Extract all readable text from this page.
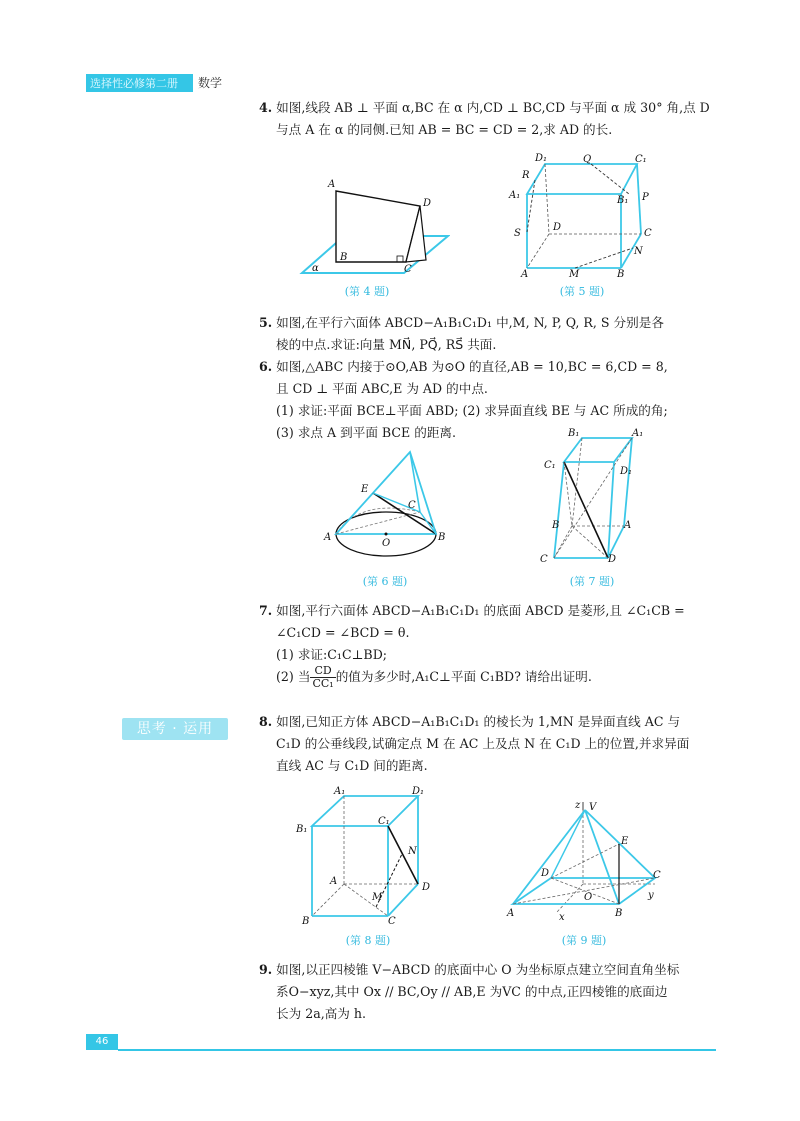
选择性必修第二册 数学
4. 如图,线段 AB ⊥ 平面 α,BC 在 α 内,CD ⊥ BC,CD 与平面 α 成 30° 角,点 D
与点 A 在 α 的同侧.已知 AB = BC = CD = 2,求 AD 的长.
A
B
C
D
α
(第 4 题)
D₁	Q	C₁
R
A₁	B₁ P
D
S	C
N
A	M	B
(第 5 题)
5. 如图,在平行六面体 ABCD−A₁B₁C₁D₁ 中,M, N, P, Q, R, S 分别是各
棱的中点.求证:向量 MN⃗, PQ⃗, RS⃗ 共面.
6. 如图,△ABC 内接于⊙O,AB 为⊙O 的直径,AB = 10,BC = 6,CD = 8,
且 CD ⊥ 平面 ABC,E 为 AD 的中点.
(1) 求证:平面 BCE⊥平面 ABD; (2) 求异面直线 BE 与 AC 所成的角;
(3) 求点 A 到平面 BCE 的距离.
E
C
A
O
B
(第 6 题)
B₁	A₁
C₁
D₁
B	A
C	D
(第 7 题)
7. 如图,平行六面体 ABCD−A₁B₁C₁D₁ 的底面 ABCD 是菱形,且 ∠C₁CB =
∠C₁CD = ∠BCD = θ.
(1) 求证:C₁C⊥BD;
(2) 当 $\frac{CD}{\text{CC₁}}$ 的值为多少时,A₁C⊥平面 C₁BD? 请给出证明.
思考 · 运用	8. 如图,已知正方体 ABCD−A₁B₁C₁D₁ 的棱长为 1,MN 是异面直线 AC 与
C₁D 的公垂线段,试确定点 M 在 AC 上及点 N 在 C₁D 上的位置,并求异面
直线 AC 与 C₁D 间的距离.
A₁	D₁
B₁
C₁
N
A
M
D
B	C
(第 8 题)
z V
E
D	C
O	y
A	B
x
(第 9 题)
9. 如图,以正四棱锥 V−ABCD 的底面中心 O 为坐标原点建立空间直角坐标
系O−xyz,其中 Ox // BC,Oy // AB,E 为VC 的中点,正四棱锥的底面边
长为 2a,高为 h.
46
